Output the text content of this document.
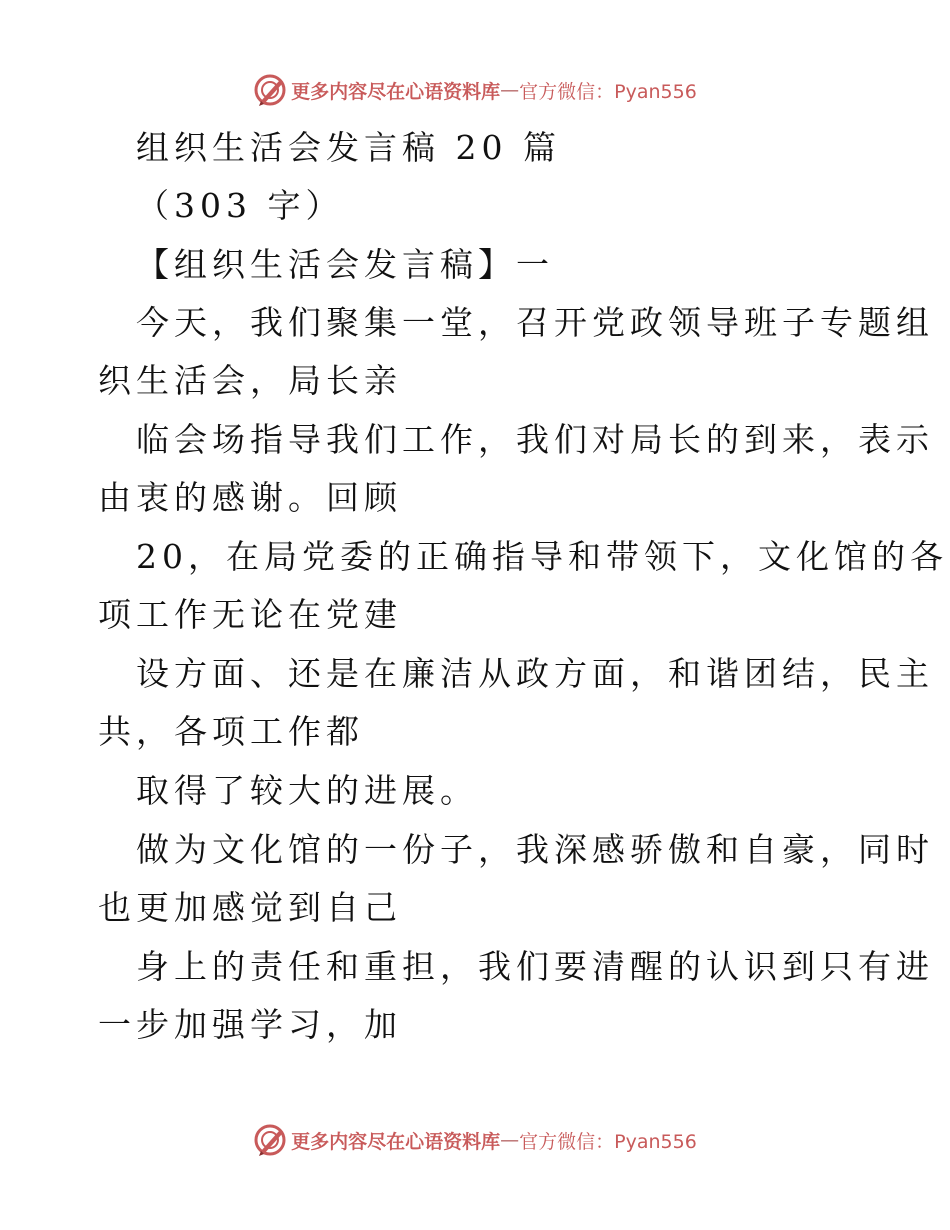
更多内容尽在心语资料库 — 官方微信：Pyan556
组织生活会发言稿 20 篇
（303 字）
【组织生活会发言稿】一
今天，我们聚集一堂，召开党政领导班子专题组
织生活会，局长亲
临会场指导我们工作，我们对局长的到来，表示
由衷的感谢。回顾
20，在局党委的正确指导和带领下，文化馆的各
项工作无论在党建
设方面、还是在廉洁从政方面，和谐团结，民主
共，各项工作都
取得了较大的进展。
做为文化馆的一份子，我深感骄傲和自豪，同时
也更加感觉到自己
身上的责任和重担，我们要清醒的认识到只有进
一步加强学习，加
更多内容尽在心语资料库 — 官方微信：Pyan556
